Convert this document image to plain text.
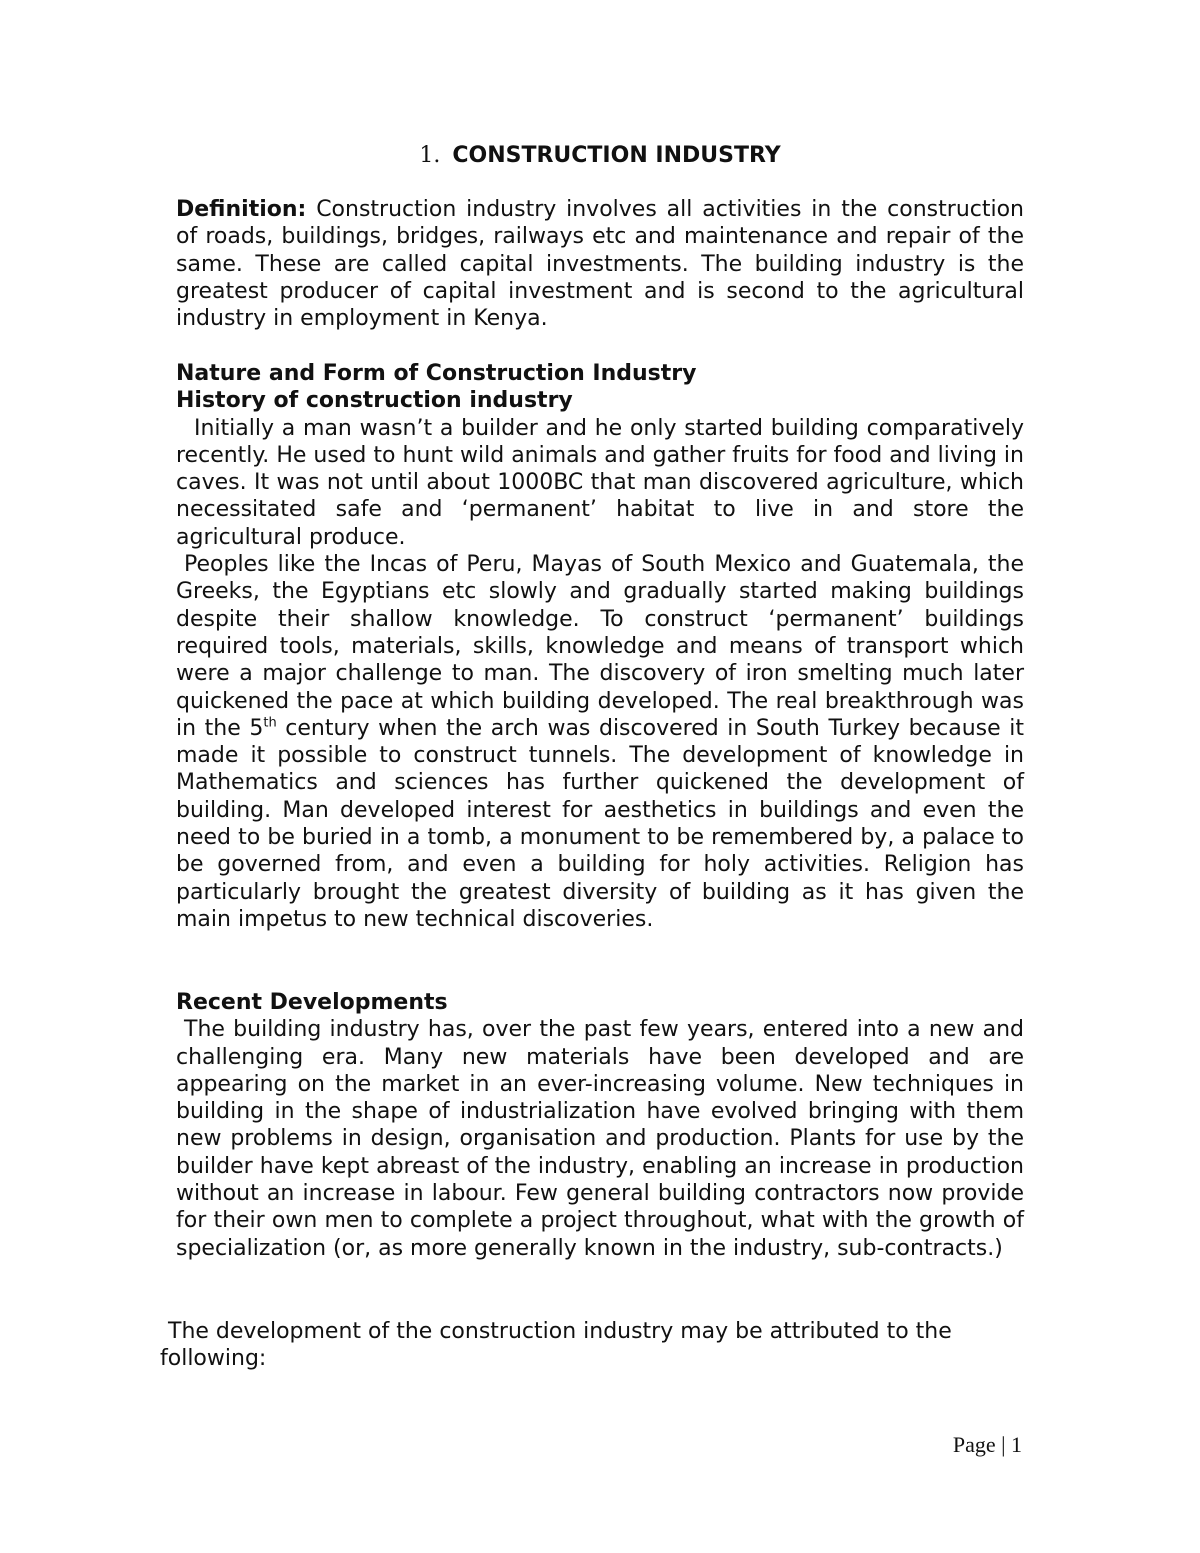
1. CONSTRUCTION INDUSTRY

Definition: Construction industry involves all activities in the construction of roads, buildings, bridges, railways etc and maintenance and repair of the same. These are called capital investments. The building industry is the greatest producer of capital investment and is second to the agricultural industry in employment in Kenya.

Nature and Form of Construction Industry

History of construction industry

Initially a man wasn’t a builder and he only started building comparatively recently. He used to hunt wild animals and gather fruits for food and living in caves. It was not until about 1000BC that man discovered agriculture, which necessitated safe and ‘permanent’ habitat to live in and store the agricultural produce.

Peoples like the Incas of Peru, Mayas of South Mexico and Guatemala, the Greeks, the Egyptians etc slowly and gradually started making buildings despite their shallow knowledge. To construct ‘permanent’ buildings required tools, materials, skills, knowledge and means of transport which were a major challenge to man. The discovery of iron smelting much later quickened the pace at which building developed. The real breakthrough was in the 5th century when the arch was discovered in South Turkey because it made it possible to construct tunnels. The development of knowledge in Mathematics and sciences has further quickened the development of building. Man developed interest for aesthetics in buildings and even the need to be buried in a tomb, a monument to be remembered by, a palace to be governed from, and even a building for holy activities. Religion has particularly brought the greatest diversity of building as it has given the main impetus to new technical discoveries.

Recent Developments

The building industry has, over the past few years, entered into a new and challenging era. Many new materials have been developed and are appearing on the market in an ever-increasing volume. New techniques in building in the shape of industrialization have evolved bringing with them new problems in design, organisation and production. Plants for use by the builder have kept abreast of the industry, enabling an increase in production without an increase in labour. Few general building contractors now provide for their own men to complete a project throughout, what with the growth of specialization (or, as more generally known in the industry, sub-contracts.)

The development of the construction industry may be attributed to the following:

Page | 1
